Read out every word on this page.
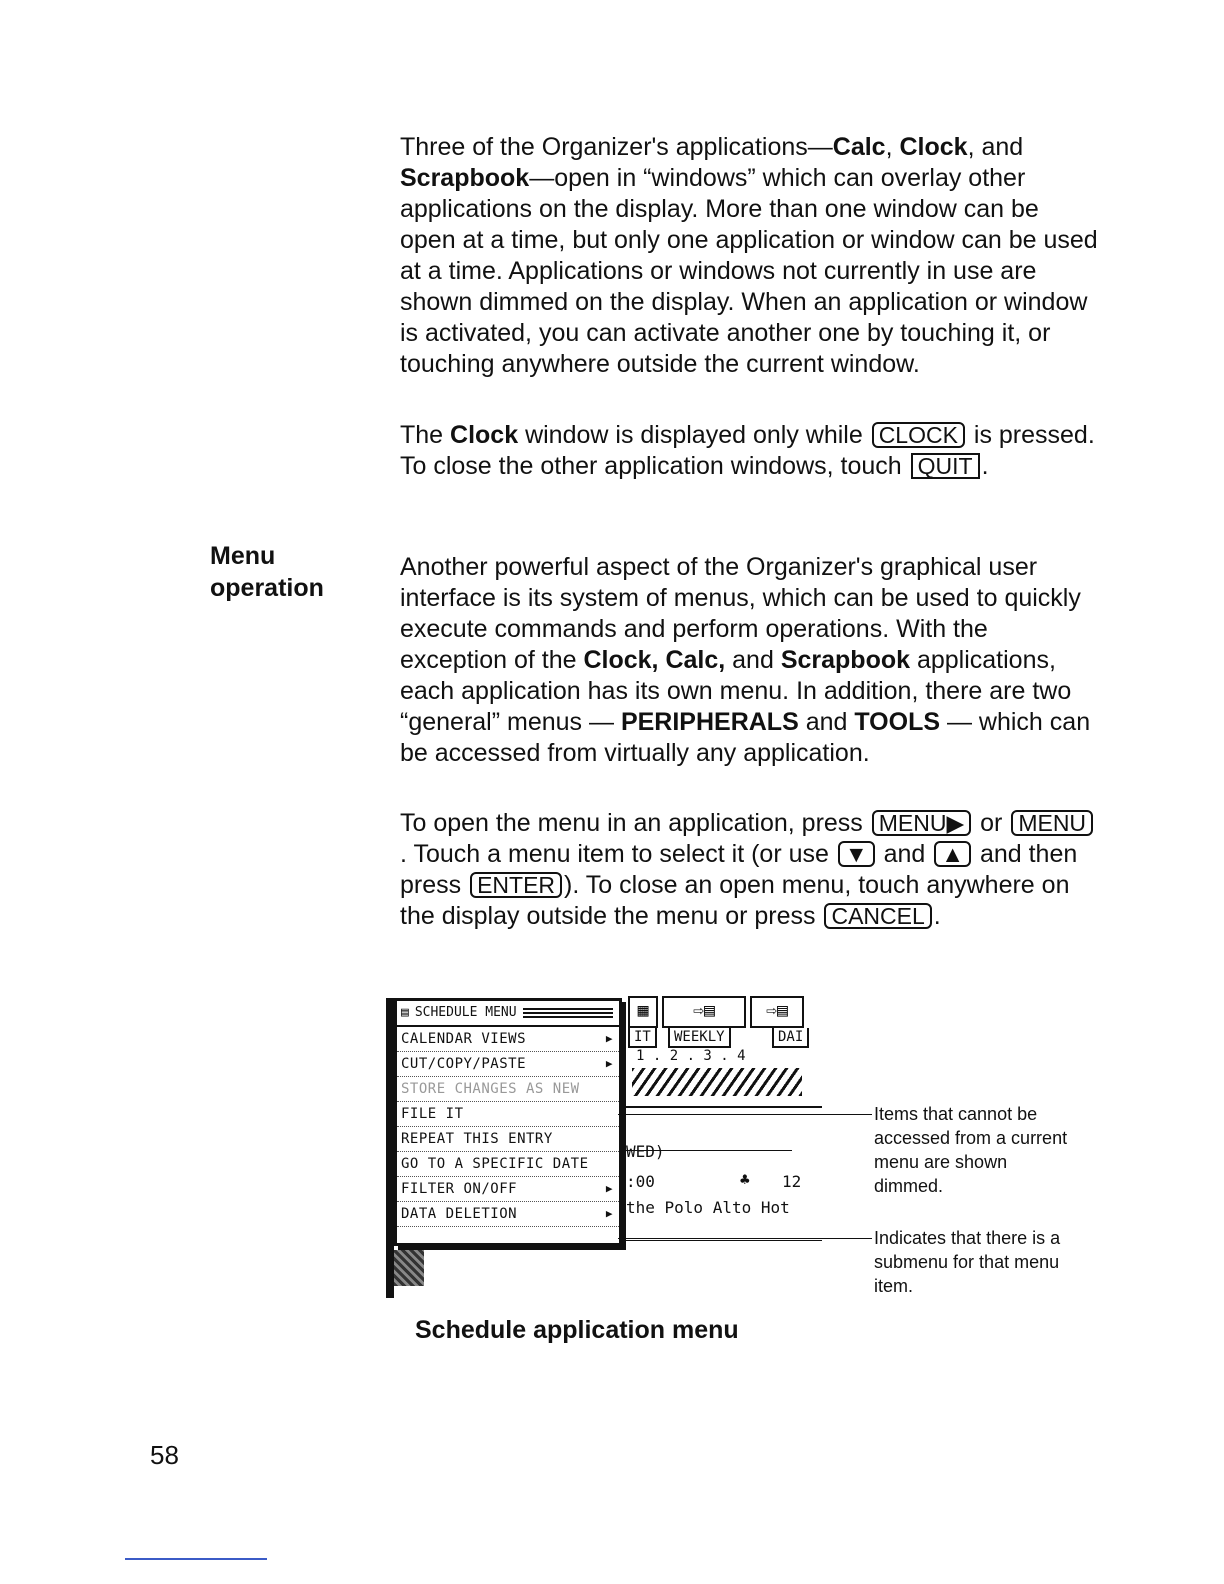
Three of the Organizer's applications—Calc, Clock, and Scrapbook—open in “windows” which can overlay other applications on the display. More than one window can be open at a time, but only one application or window can be used at a time. Applications or windows not currently in use are shown dimmed on the display. When an application or window is activated, you can activate another one by touching it, or touching anywhere outside the current window.

The Clock window is displayed only while CLOCK is pressed. To close the other application windows, touch QUIT .

Menu
operation

Another powerful aspect of the Organizer's graphical user interface is its system of menus, which can be used to quickly execute commands and perform operations. With the exception of the Clock, Calc, and Scrapbook applications, each application has its own menu. In addition, there are two “general” menus — PERIPHERALS and TOOLS — which can be accessed from virtually any application.

To open the menu in an application, press MENU▶ or MENU. Touch a menu item to select it (or use ▼ and ▲ and then press ENTER ). To close an open menu, touch anywhere on the display outside the menu or press CANCEL .

▦	⇨▤	⇨▤
IT	WEEKLY	DAI
1 . 2 . 3 . 4
WED)
:00	♣ 12
the Polo Alto Hot
▤ SCHEDULE MENU
CALENDAR VIEWS	▶
CUT/COPY/PASTE	▶
STORE CHANGES AS NEW
FILE IT
REPEAT THIS ENTRY
GO TO A SPECIFIC DATE
FILTER ON/OFF	▶
DATA DELETION	▶
Items that cannot be accessed from a current menu are shown dimmed.
Indicates that there is a submenu for that menu item.

Schedule application menu

58
